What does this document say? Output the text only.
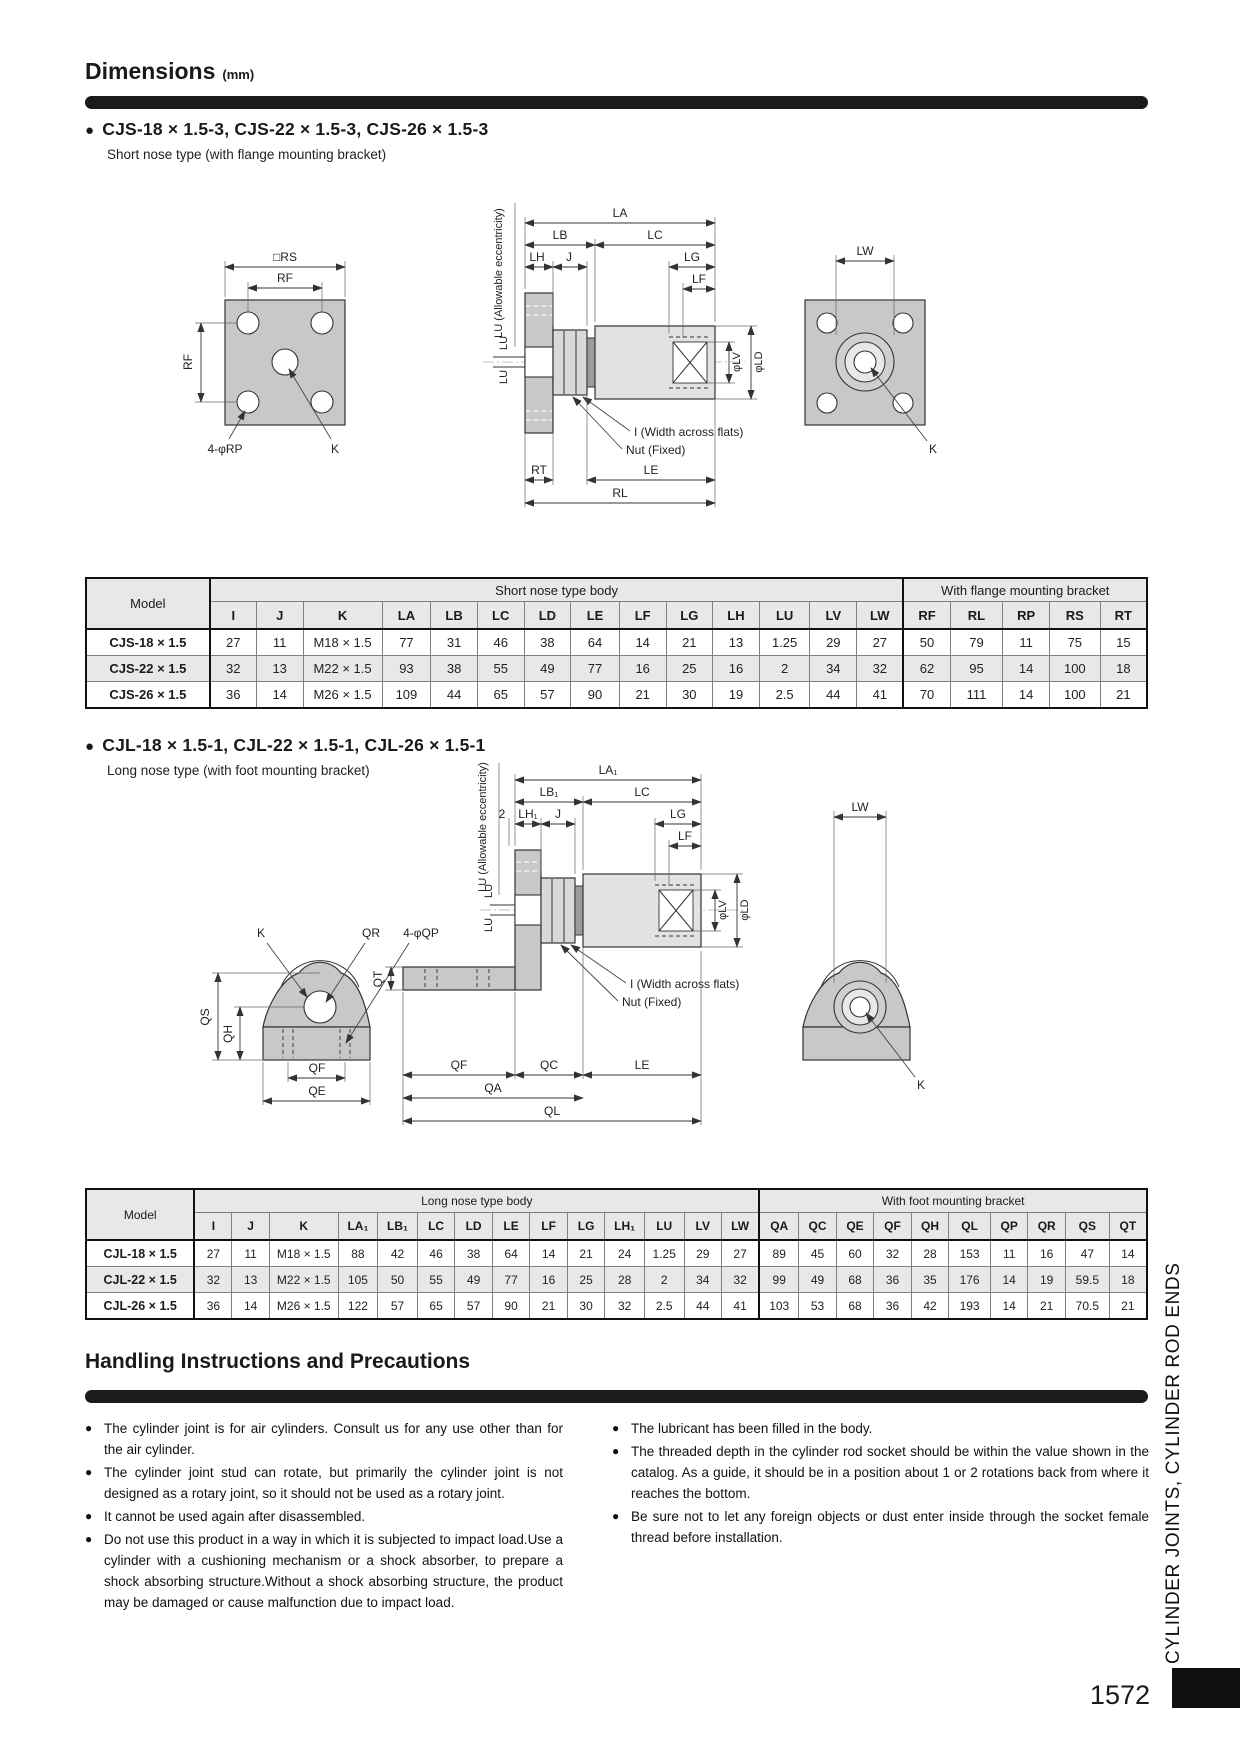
Dimensions (mm)
● CJS-18 × 1.5-3, CJS-22 × 1.5-3, CJS-26 × 1.5-3
Short nose type (with flange mounting bracket)
□RS
RF
RF
4-φRP	K
LA
LB	LC
LH J	LG
LF
LU (Allowable eccentricity)
LU
LU
φLV φLD
I (Width across flats)
Nut (Fixed)
RT	LE
RL
LW
K
Model	Short nose type body														With flange mounting bracket				
	I	J	K	LA	LB	LC	LD	LE	LF	LG	LH	LU	LV	LW	RF	RL	RP	RS	RT
CJS-18 × 1.5	27	11	M18 × 1.5	77	31	46	38	64	14	21	13	1.25	29	27	50	79	11	75	15
CJS-22 × 1.5	32	13	M22 × 1.5	93	38	55	49	77	16	25	16	2	34	32	62	95	14	100	18
CJS-26 × 1.5	36	14	M26 × 1.5	109	44	65	57	90	21	30	19	2.5	44	41	70	111	14	100	21
● CJL-18 × 1.5-1, CJL-22 × 1.5-1, CJL-26 × 1.5-1
Long nose type (with foot mounting bracket)
K	QR 4-φQP
QS
QH
QF
QE
LA₁
LB₁	LC
2 LH₁ J	LG
LF
LU (Allowable eccentricity)
LU
LU
QT
φLV φLD
I (Width across flats)
Nut (Fixed)
QF	QC	LE
QA
QL
LW
K
Model	Long nose type body														With foot mounting bracket									
	I	J	K	LA₁	LB₁	LC	LD	LE	LF	LG	LH₁	LU	LV	LW	QA	QC	QE	QF	QH	QL	QP	QR	QS	QT
CJL-18 × 1.5	27	11	M18 × 1.5	88	42	46	38	64	14	21	24	1.25	29	27	89	45	60	32	28	153	11	16	47	14
CJL-22 × 1.5	32	13	M22 × 1.5	105	50	55	49	77	16	25	28	2	34	32	99	49	68	36	35	176	14	19	59.5	18
CJL-26 × 1.5	36	14	M26 × 1.5	122	57	65	57	90	21	30	32	2.5	44	41	103	53	68	36	42	193	14	21	70.5	21
Handling Instructions and Precautions
● The cylinder joint is for air cylinders. Consult us for any use other than for the air cylinder.
● The cylinder joint stud can rotate, but primarily the cylinder joint is not designed as a rotary joint, so it should not be used as a rotary joint.
● It cannot be used again after disassembled.
● Do not use this product in a way in which it is subjected to impact load.Use a cylinder with a cushioning mechanism or a shock absorber, to prepare a shock absorbing structure.Without a shock absorbing structure, the product may be damaged or cause malfunction due to impact load.
● The lubricant has been filled in the body.
● The threaded depth in the cylinder rod socket should be within the value shown in the catalog. As a guide, it should be in a position about 1 or 2 rotations back from where it reaches the bottom.
● Be sure not to let any foreign objects or dust enter inside through the socket female thread before installation.	CYLINDER JOINTS, CYLINDER ROD ENDS
1572
